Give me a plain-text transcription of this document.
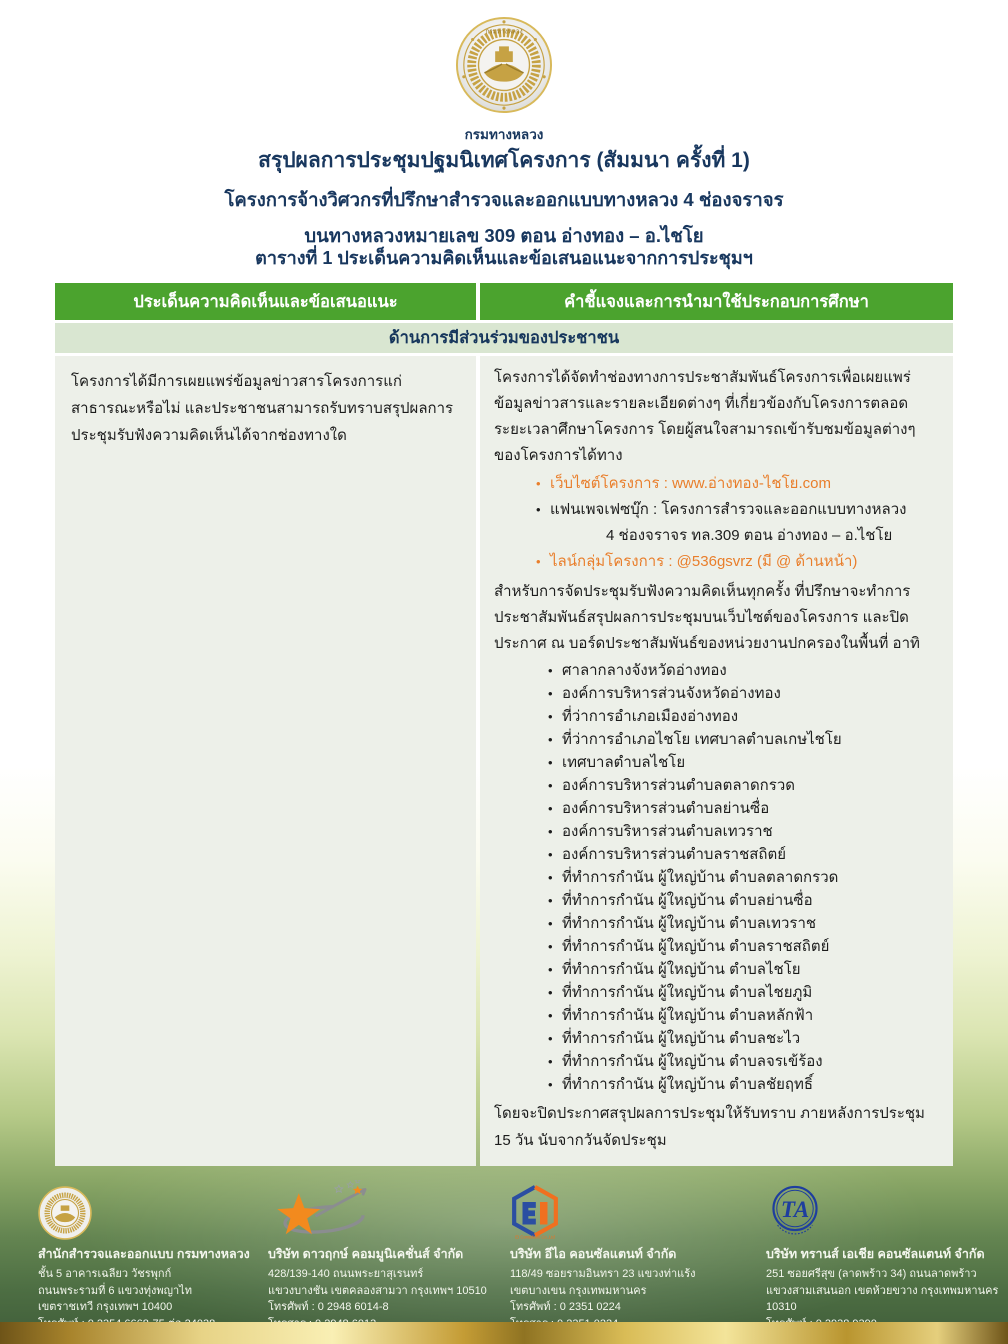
กรมทางหลวง
กรมทางหลวง
สรุปผลการประชุมปฐมนิเทศโครงการ (สัมมนา ครั้งที่ 1)
โครงการจ้างวิศวกรที่ปรึกษาสำรวจและออกแบบทางหลวง 4 ช่องจราจร
บนทางหลวงหมายเลข 309 ตอน อ่างทอง – อ.ไชโย
ตารางที่ 1 ประเด็นความคิดเห็นและข้อเสนอแนะจากการประชุมฯ
ประเด็นความคิดเห็นและข้อเสนอแนะ	คำชี้แจงและการนำมาใช้ประกอบการศึกษา
ด้านการมีส่วนร่วมของประชาชน
โครงการได้มีการเผยแพร่ข้อมูลข่าวสารโครงการแก่สาธารณะหรือไม่ และประชาชนสามารถรับทราบสรุปผลการประชุมรับฟังความคิดเห็นได้จากช่องทางใด

โครงการได้จัดทำช่องทางการประชาสัมพันธ์โครงการเพื่อเผยแพร่ข้อมูลข่าวสารและรายละเอียดต่างๆ ที่เกี่ยวข้องกับโครงการตลอดระยะเวลาศึกษาโครงการ โดยผู้สนใจสามารถเข้ารับชมข้อมูลต่างๆ ของโครงการได้ทาง

• เว็บไซต์โครงการ : www.อ่างทอง-ไชโย.com
• แฟนเพจเฟซบุ๊ก : โครงการสำรวจและออกแบบทางหลวง
4 ช่องจราจร ทล.309 ตอน อ่างทอง – อ.ไชโย
• ไลน์กลุ่มโครงการ : @536gsvrz (มี @ ด้านหน้า)

สำหรับการจัดประชุมรับฟังความคิดเห็นทุกครั้ง ที่ปรึกษาจะทำการประชาสัมพันธ์สรุปผลการประชุมบนเว็บไซต์ของโครงการ และปิดประกาศ ณ บอร์ดประชาสัมพันธ์ของหน่วยงานปกครองในพื้นที่ อาทิ

• ศาลากลางจังหวัดอ่างทอง
• องค์การบริหารส่วนจังหวัดอ่างทอง
• ที่ว่าการอำเภอเมืองอ่างทอง
• ที่ว่าการอำเภอไชโย เทศบาลตำบลเกษไชโย
• เทศบาลตำบลไชโย
• องค์การบริหารส่วนตำบลตลาดกรวด
• องค์การบริหารส่วนตำบลย่านซื่อ
• องค์การบริหารส่วนตำบลเทวราช
• องค์การบริหารส่วนตำบลราชสถิตย์
• ที่ทำการกำนัน ผู้ใหญ่บ้าน ตำบลตลาดกรวด
• ที่ทำการกำนัน ผู้ใหญ่บ้าน ตำบลย่านซื่อ
• ที่ทำการกำนัน ผู้ใหญ่บ้าน ตำบลเทวราช
• ที่ทำการกำนัน ผู้ใหญ่บ้าน ตำบลราชสถิตย์
• ที่ทำการกำนัน ผู้ใหญ่บ้าน ตำบลไชโย
• ที่ทำการกำนัน ผู้ใหญ่บ้าน ตำบลไชยภูมิ
• ที่ทำการกำนัน ผู้ใหญ่บ้าน ตำบลหลักฟ้า
• ที่ทำการกำนัน ผู้ใหญ่บ้าน ตำบลชะไว
• ที่ทำการกำนัน ผู้ใหญ่บ้าน ตำบลจรเข้ร้อง
• ที่ทำการกำนัน ผู้ใหญ่บ้าน ตำบลชัยฤทธิ์
โดยจะปิดประกาศสรุปผลการประชุมให้รับทราบ ภายหลังการประชุม 15 วัน นับจากวันจัดประชุม
สำนักสำรวจและออกแบบ กรมทางหลวง
ชั้น 5 อาคารเฉลียว วัชรพุกก์
ถนนพระรามที่ 6 แขวงทุ่งพญาไท
เขตราชเทวี กรุงเทพฯ 10400
บริษัท ดาวฤกษ์ คอมมูนิเคชั่นส์ จำกัด
428/139-140 ถนนพระยาสุเรนทร์
แขวงบางชัน เขตคลองสามวา กรุงเทพฯ 10510
โทรศัพท์ : 0 2948 6014-8
EI Consultant Co.,Ltd
บริษัท อีไอ คอนซัลแตนท์ จำกัด
118/49 ซอยรามอินทรา 23 แขวงท่าแร้ง
เขตบางเขน กรุงเทพมหานคร
โทรศัพท์ : 0 2351 0224
TA
บริษัท ทรานส์ เอเชีย คอนซัลแตนท์ จำกัด
251 ซอยศรีสุข (ลาดพร้าว 34) ถนนลาดพร้าว
แขวงสามเสนนอก เขตห้วยขวาง กรุงเทพมหานคร 10310
